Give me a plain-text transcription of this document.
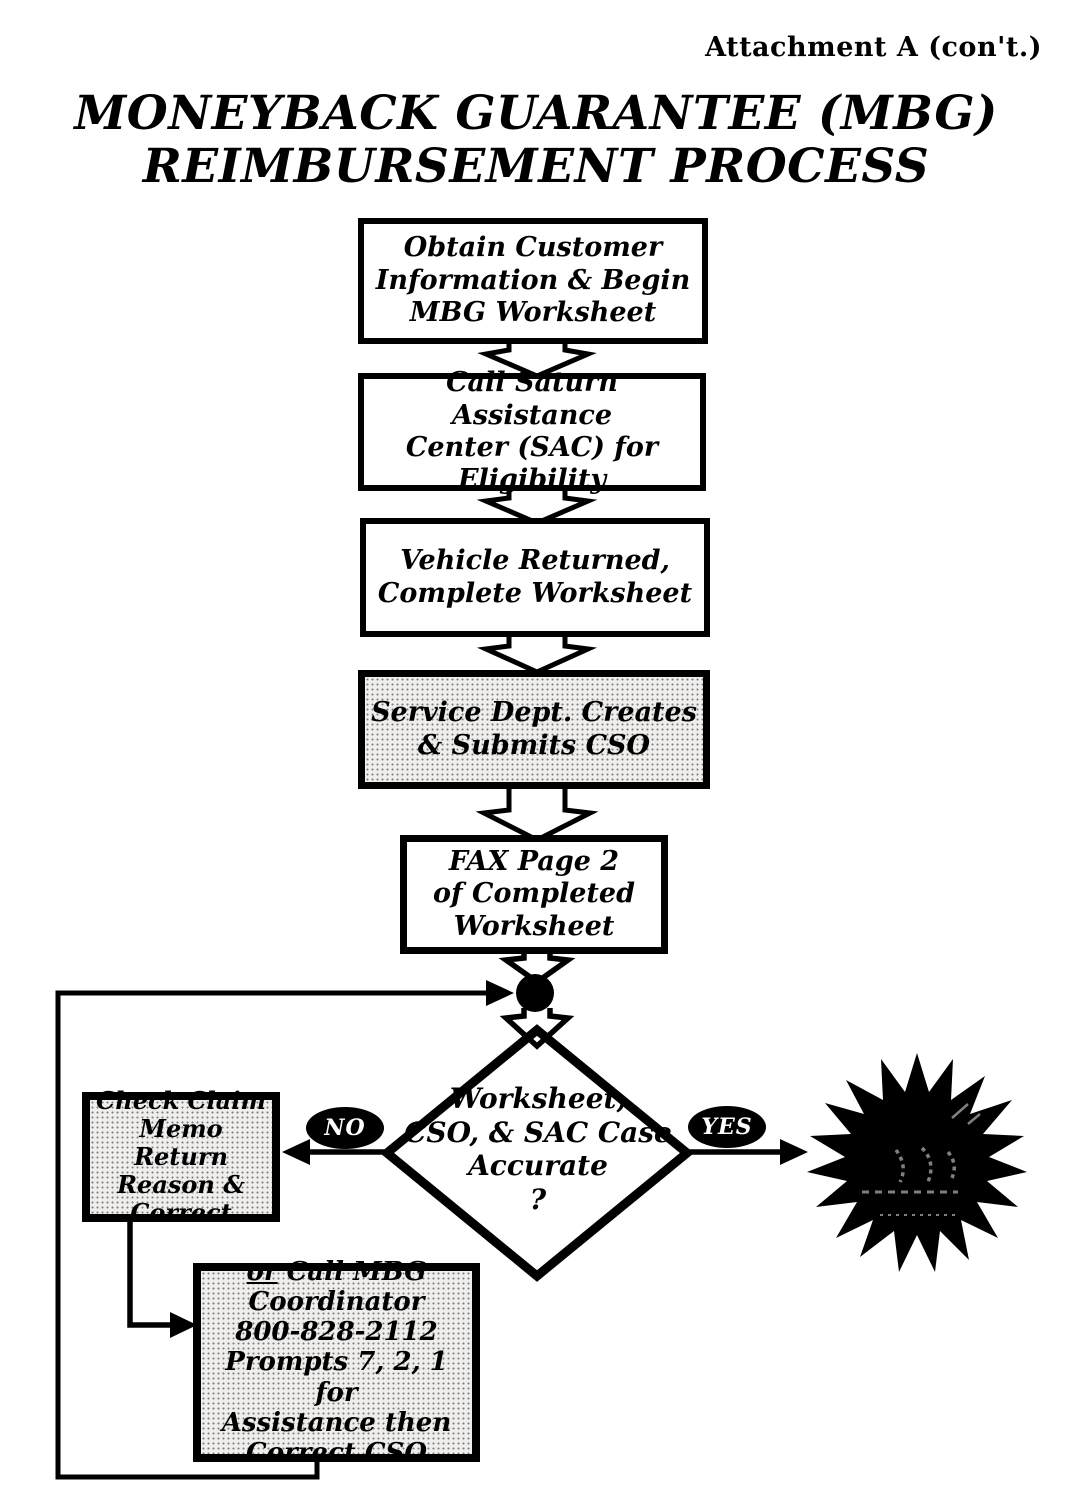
Attachment A (con't.)
MONEYBACK GUARANTEE (MBG)
REIMBURSEMENT PROCESS
Obtain Customer
Information & Begin
MBG Worksheet
Call Saturn Assistance
Center (SAC) for
Eligibility
Vehicle Returned,
Complete Worksheet
Service Dept. Creates
& Submits CSO
FAX Page 2
of Completed
Worksheet
Worksheet,
CSO, & SAC Case
Accurate
?
NO	YES
Check Claim
Memo Return
Reason &
Correct
or Call MBG
Coordinator
800-828-2112
Prompts 7, 2, 1 for
Assistance then
Correct CSO
